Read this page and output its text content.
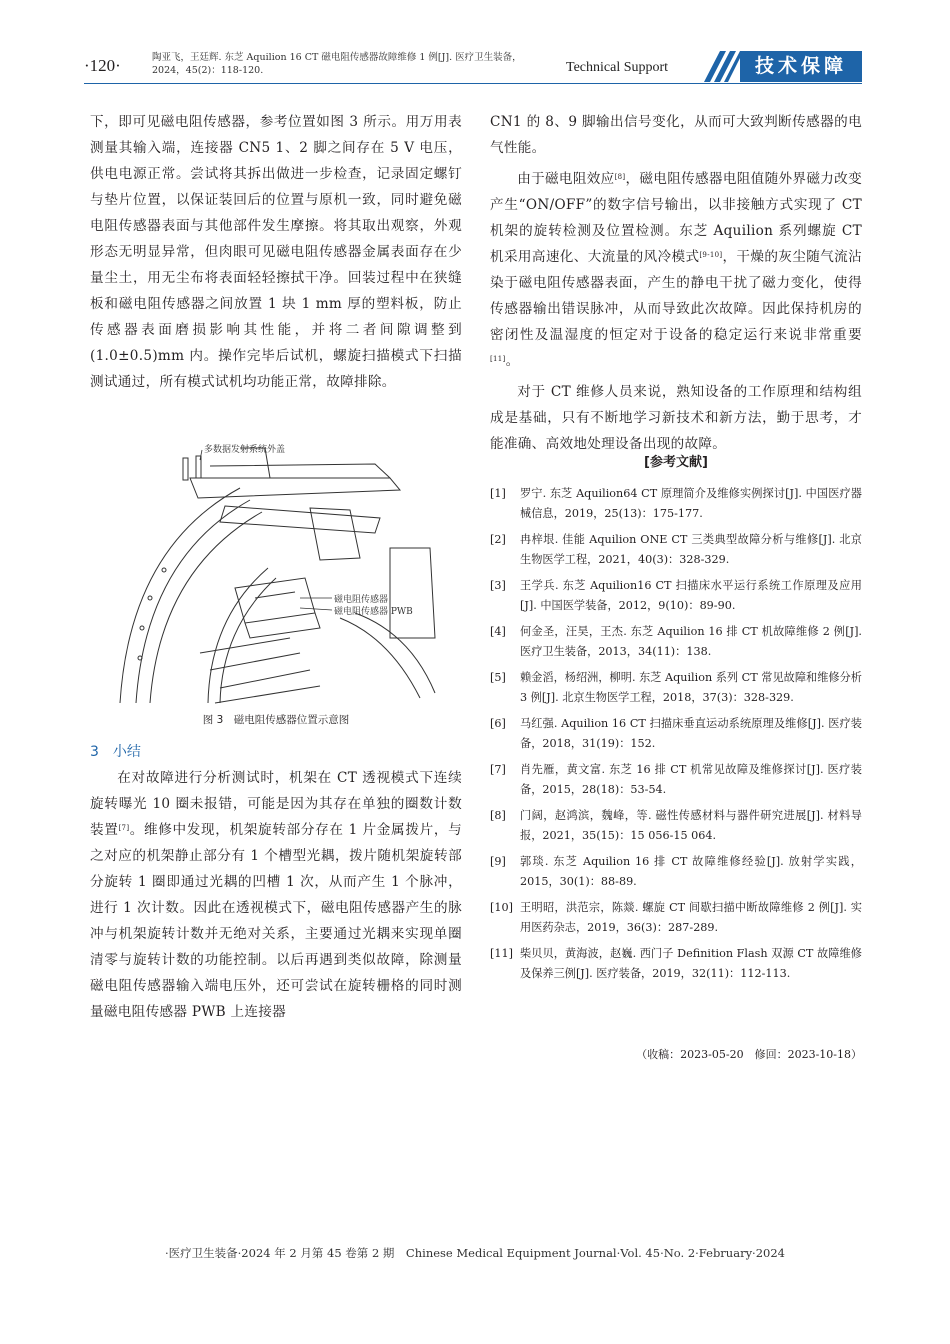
·120·	陶亚飞，王廷辉. 东芝 Aquilion 16 CT 磁电阻传感器故障维修 1 例[J]. 医疗卫生装备，2024，45(2)：118-120.	Technical Support	技术保障

下，即可见磁电阻传感器，参考位置如图 3 所示。用万用表测量其输入端，连接器 CN5 1、2 脚之间存在 5 V 电压，供电电源正常。尝试将其拆出做进一步检查，记录固定螺钉与垫片位置，以保证装回后的位置与原机一致，同时避免磁电阻传感器表面与其他部件发生摩擦。将其取出观察，外观形态无明显异常，但肉眼可见磁电阻传感器金属表面存在少量尘土，用无尘布将表面轻轻擦拭干净。回装过程中在狭缝板和磁电阻传感器之间放置 1 块 1 mm 厚的塑料板，防止传感器表面磨损影响其性能，并将二者间隙调整到(1.0±0.5)mm 内。操作完毕后试机，螺旋扫描模式下扫描测试通过，所有模式试机均功能正常，故障排除。

多数据发射系统外盖
磁电阻传感器
磁电阻传感器 PWB
图 3　磁电阻传感器位置示意图
3　小结

在对故障进行分析测试时，机架在 CT 透视模式下连续旋转曝光 10 圈未报错，可能是因为其存在单独的圈数计数装置[7]。维修中发现，机架旋转部分存在 1 片金属拨片，与之对应的机架静止部分有 1 个槽型光耦，拨片随机架旋转部分旋转 1 圈即通过光耦的凹槽 1 次，从而产生 1 个脉冲，进行 1 次计数。因此在透视模式下，磁电阻传感器产生的脉冲与机架旋转计数并无绝对关系，主要通过光耦来实现单圈清零与旋转计数的功能控制。以后再遇到类似故障，除测量磁电阻传感器输入端电压外，还可尝试在旋转栅格的同时测量磁电阻传感器 PWB 上连接器

CN1 的 8、9 脚输出信号变化，从而可大致判断传感器的电气性能。

由于磁电阻效应[8]，磁电阻传感器电阻值随外界磁力改变产生“ON/OFF”的数字信号输出，以非接触方式实现了 CT 机架的旋转检测及位置检测。东芝 Aquilion 系列螺旋 CT 机采用高速化、大流量的风冷模式[9-10]，干燥的灰尘随气流沾染于磁电阻传感器表面，产生的静电干扰了磁力变化，使得传感器输出错误脉冲，从而导致此次故障。因此保持机房的密闭性及温湿度的恒定对于设备的稳定运行来说非常重要[11]。

对于 CT 维修人员来说，熟知设备的工作原理和结构组成是基础，只有不断地学习新技术和新方法，勤于思考，才能准确、高效地处理设备出现的故障。

[参考文献]
[1]	罗宁. 东芝 Aquilion64 CT 原理简介及维修实例探讨[J]. 中国医疗器械信息，2019，25(13)：175-177.
[2]	冉梓垠. 佳能 Aquilion ONE CT 三类典型故障分析与维修[J]. 北京生物医学工程，2021，40(3)：328-329.
[3]	王学兵. 东芝 Aquilion16 CT 扫描床水平运行系统工作原理及应用[J]. 中国医学装备，2012，9(10)：89-90.
[4]	何金圣，汪昊，王杰. 东芝 Aquilion 16 排 CT 机故障维修 2 例[J]. 医疗卫生装备，2013，34(11)：138.
[5]	赖金滔，杨绍洲，柳明. 东芝 Aquilion 系列 CT 常见故障和维修分析 3 例[J]. 北京生物医学工程，2018，37(3)：328-329.
[6]	马红强. Aquilion 16 CT 扫描床垂直运动系统原理及维修[J]. 医疗装备，2018，31(19)：152.
[7]	肖先雁，黄文富. 东芝 16 排 CT 机常见故障及维修探讨[J]. 医疗装备，2015，28(18)：53-54.
[8]	门阔，赵鸿滨，魏峰，等. 磁性传感材料与器件研究进展[J]. 材料导报，2021，35(15)：15 056-15 064.
[9]	郭琰. 东芝 Aquilion 16 排 CT 故障维修经验[J]. 放射学实践，2015，30(1)：88-89.
[10] 王明昭，洪范宗，陈燚. 螺旋 CT 间歇扫描中断故障维修 2 例[J]. 实用医药杂志，2019，36(3)：287-289.
[11] 柴贝贝，黄海波，赵巍. 西门子 Definition Flash 双源 CT 故障维修及保养三例[J]. 医疗装备，2019，32(11)：112-113.
（收稿：2023-05-20　修回：2023-10-18）
·医疗卫生装备·2024 年 2 月第 45 卷第 2 期　Chinese Medical Equipment Journal·Vol. 45·No. 2·February·2024
